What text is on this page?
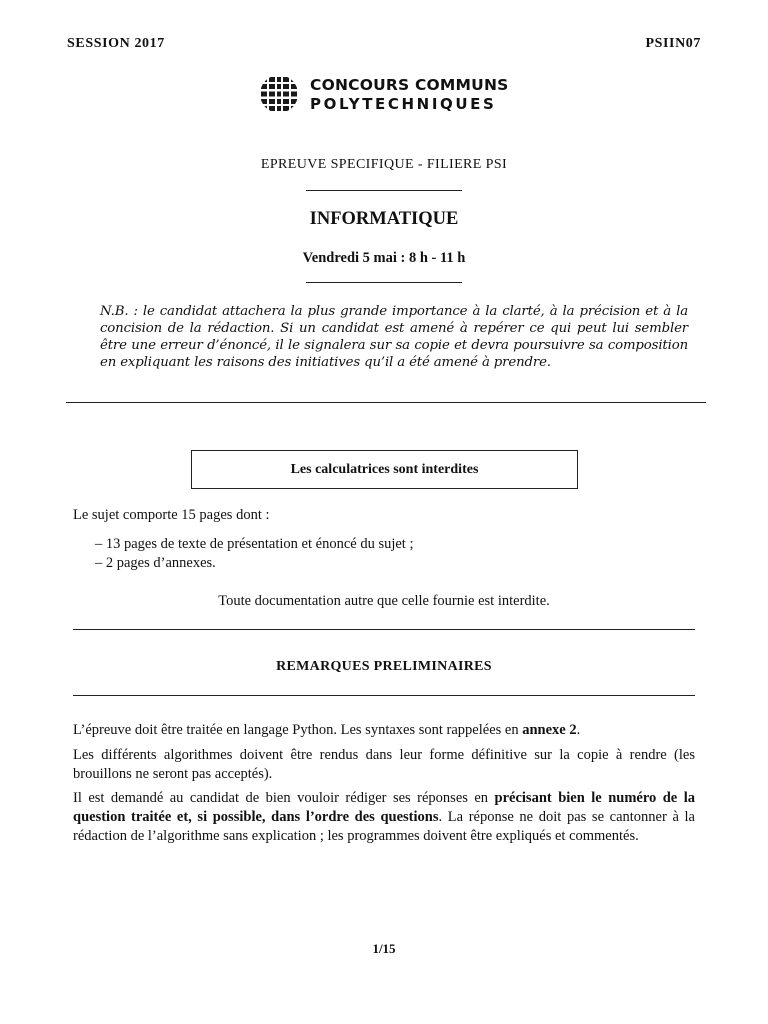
SESSION 2017	PSIIN07
CONCOURS COMMUNS
POLYTECHNIQUES
EPREUVE SPECIFIQUE - FILIERE PSI
INFORMATIQUE
Vendredi 5 mai : 8 h - 11 h
N.B. : le candidat attachera la plus grande importance à la clarté, à la précision et à la concision de la rédaction. Si un candidat est amené à repérer ce qui peut lui sembler être une erreur d’énoncé, il le signalera sur sa copie et devra poursuivre sa composition en expliquant les raisons des initiatives qu’il a été amené à prendre.
Les calculatrices sont interdites
Le sujet comporte 15 pages dont :
– 13 pages de texte de présentation et énoncé du sujet ;
– 2 pages d’annexes.
Toute documentation autre que celle fournie est interdite.
REMARQUES PRELIMINAIRES
L’épreuve doit être traitée en langage Python. Les syntaxes sont rappelées en annexe 2.
Les différents algorithmes doivent être rendus dans leur forme définitive sur la copie à rendre (les brouillons ne seront pas acceptés).
Il est demandé au candidat de bien vouloir rédiger ses réponses en précisant bien le numéro de la question traitée et, si possible, dans l’ordre des questions. La réponse ne doit pas se cantonner à la rédaction de l’algorithme sans explication ; les programmes doivent être expliqués et commentés.
1/15
